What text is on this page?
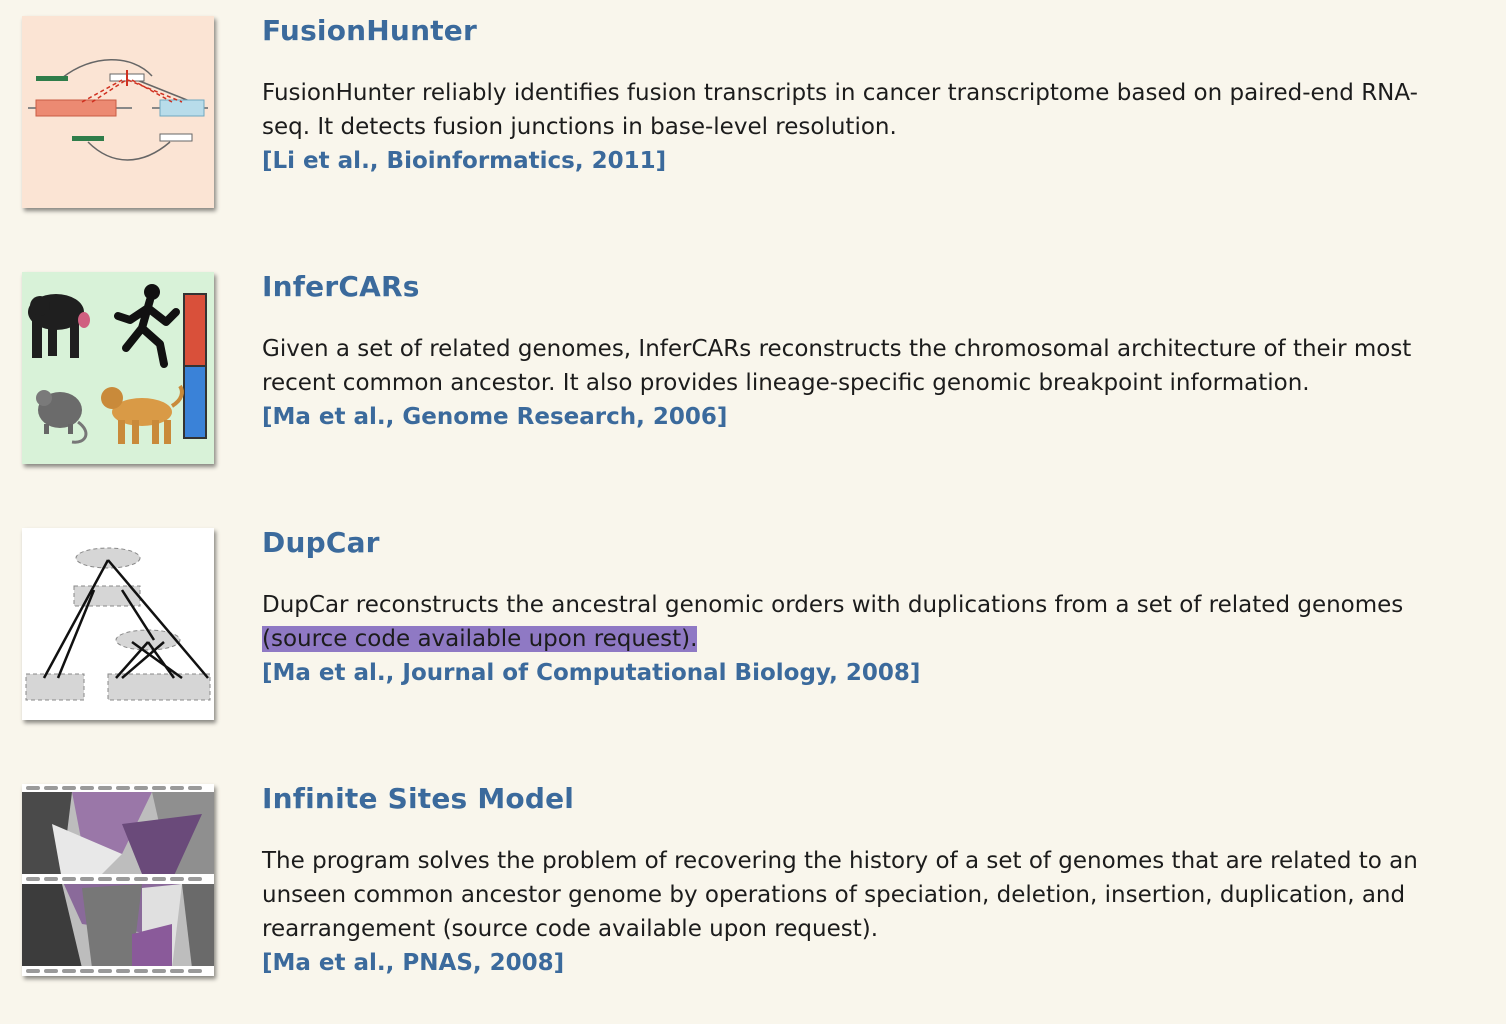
FusionHunter

FusionHunter reliably identifies fusion transcripts in cancer transcriptome based on paired-end RNA-seq. It detects fusion junctions in base-level resolution.
[Li et al., Bioinformatics, 2011]

InferCARs

Given a set of related genomes, InferCARs reconstructs the chromosomal architecture of their most recent common ancestor. It also provides lineage-specific genomic breakpoint information.
[Ma et al., Genome Research, 2006]

DupCar

DupCar reconstructs the ancestral genomic orders with duplications from a set of related genomes (source code available upon request).
[Ma et al., Journal of Computational Biology, 2008]

Infinite Sites Model

The program solves the problem of recovering the history of a set of genomes that are related to an unseen common ancestor genome by operations of speciation, deletion, insertion, duplication, and rearrangement (source code available upon request).
[Ma et al., PNAS, 2008]
